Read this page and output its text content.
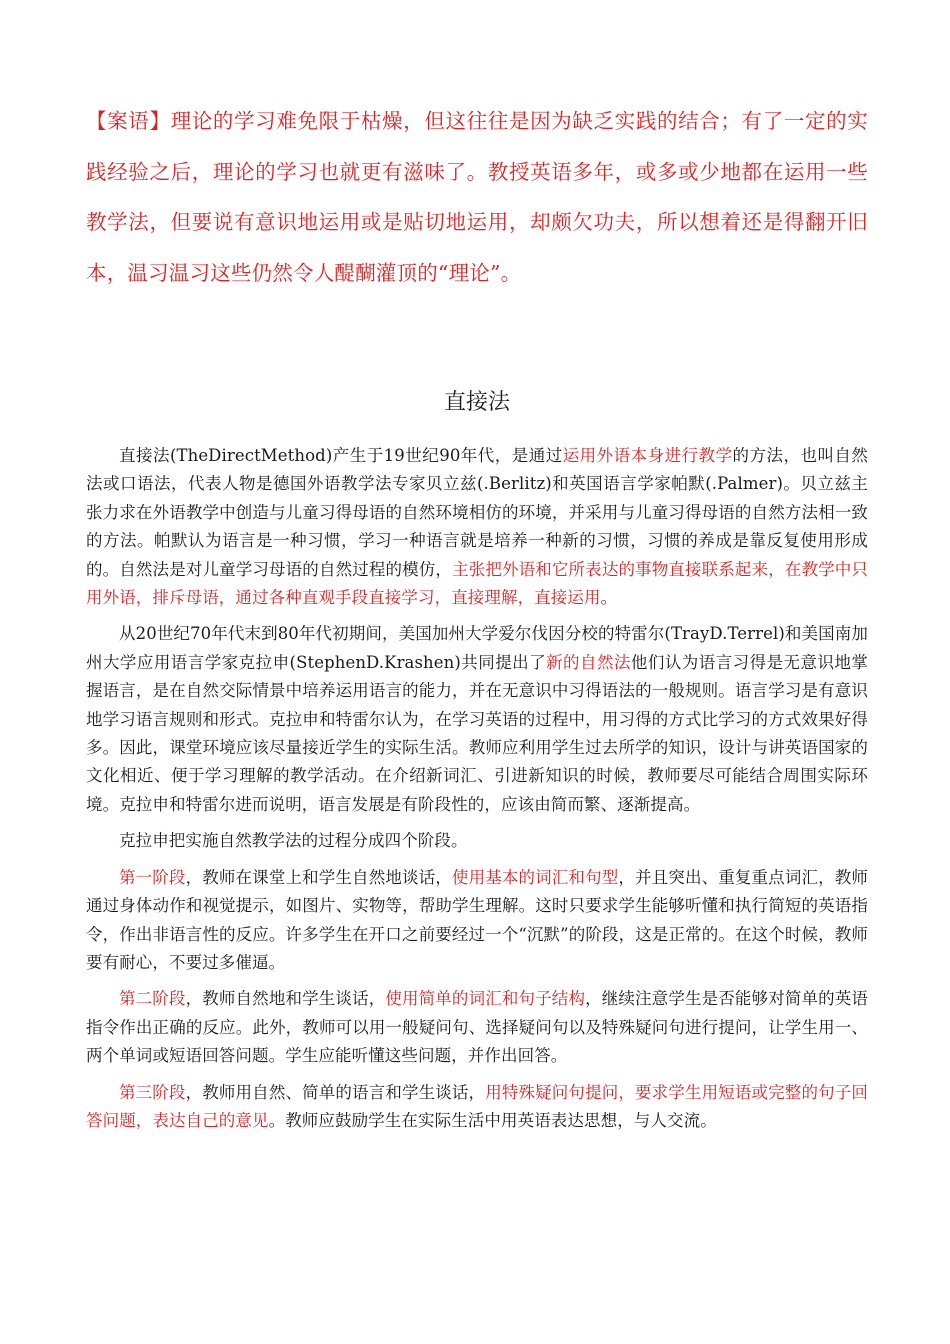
【案语】理论的学习难免限于枯燥，但这往往是因为缺乏实践的结合；有了一定的实践经验之后，理论的学习也就更有滋味了。教授英语多年，或多或少地都在运用一些教学法，但要说有意识地运用或是贴切地运用，却颇欠功夫，所以想着还是得翻开旧本，温习温习这些仍然令人醍醐灌顶的“理论”。

直接法

直接法(TheDirectMethod)产生于19世纪90年代，是通过运用外语本身进行教学的方法，也叫自然法或口语法，代表人物是德国外语教学法专家贝立兹(.Berlitz)和英国语言学家帕默(.Palmer)。贝立兹主张力求在外语教学中创造与儿童习得母语的自然环境相仿的环境，并采用与儿童习得母语的自然方法相一致的方法。帕默认为语言是一种习惯，学习一种语言就是培养一种新的习惯，习惯的养成是靠反复使用形成的。自然法是对儿童学习母语的自然过程的模仿，主张把外语和它所表达的事物直接联系起来，在教学中只用外语，排斥母语，通过各种直观手段直接学习，直接理解，直接运用。

从20世纪70年代末到80年代初期间，美国加州大学爱尔伐因分校的特雷尔(TrayD.Terrel)和美国南加州大学应用语言学家克拉申(StephenD.Krashen)共同提出了新的自然法他们认为语言习得是无意识地掌握语言，是在自然交际情景中培养运用语言的能力，并在无意识中习得语法的一般规则。语言学习是有意识地学习语言规则和形式。克拉申和特雷尔认为，在学习英语的过程中，用习得的方式比学习的方式效果好得多。因此，课堂环境应该尽量接近学生的实际生活。教师应利用学生过去所学的知识，设计与讲英语国家的文化相近、便于学习理解的教学活动。在介绍新词汇、引进新知识的时候，教师要尽可能结合周围实际环境。克拉申和特雷尔进而说明，语言发展是有阶段性的，应该由简而繁、逐渐提高。

克拉申把实施自然教学法的过程分成四个阶段。

第一阶段，教师在课堂上和学生自然地谈话，使用基本的词汇和句型，并且突出、重复重点词汇，教师通过身体动作和视觉提示，如图片、实物等，帮助学生理解。这时只要求学生能够听懂和执行简短的英语指令，作出非语言性的反应。许多学生在开口之前要经过一个“沉默”的阶段，这是正常的。在这个时候，教师要有耐心，不要过多催逼。

第二阶段，教师自然地和学生谈话，使用简单的词汇和句子结构，继续注意学生是否能够对简单的英语指令作出正确的反应。此外，教师可以用一般疑问句、选择疑问句以及特殊疑问句进行提问，让学生用一、两个单词或短语回答问题。学生应能听懂这些问题，并作出回答。

第三阶段，教师用自然、简单的语言和学生谈话，用特殊疑问句提问，要求学生用短语或完整的句子回答问题，表达自己的意见。教师应鼓励学生在实际生活中用英语表达思想，与人交流。
